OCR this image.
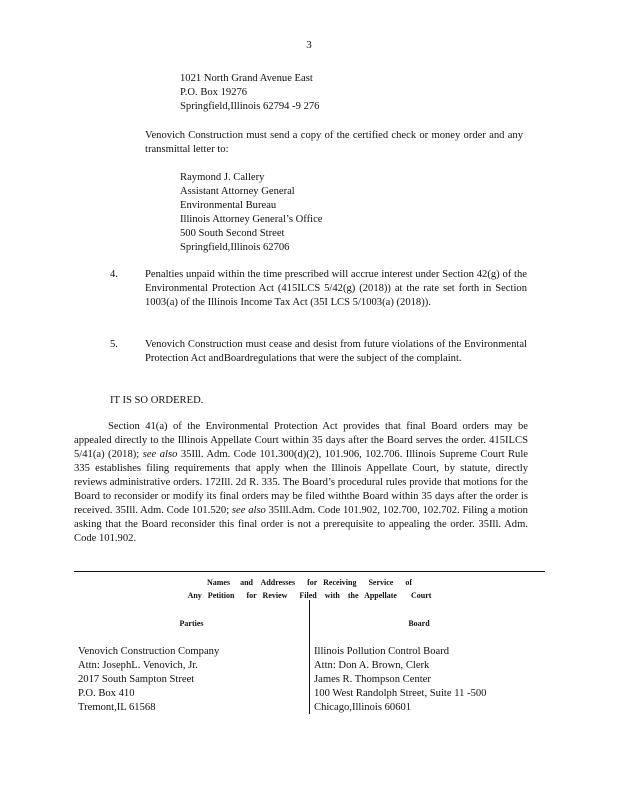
3
1021 North Grand Avenue East
P.O. Box 19276
Springfield,Illinois 62794 -9 276
Venovich Construction must send a copy of the certified check or money order and any transmittal letter to:
Raymond J. Callery
Assistant Attorney General
Environmental Bureau
Illinois Attorney General’s Office
500 South Second Street
Springfield,Illinois 62706
4.	Penalties unpaid within the time prescribed will accrue interest under Section 42(g) of the Environmental Protection Act (415ILCS 5/42(g) (2018)) at the rate set forth in Section 1003(a) of the Illinois Income Tax Act (35I LCS 5/1003(a) (2018)).
5.	Venovich Construction must cease and desist from future violations of the Environmental Protection Act andBoardregulations that were the subject of the complaint.
IT IS SO ORDERED.
Section 41(a) of the Environmental Protection Act provides that final Board orders may be appealed directly to the Illinois Appellate Court within 35 days after the Board serves the order. 415ILCS 5/41(a) (2018); see also 35Ill. Adm. Code 101.300(d)(2), 101.906, 102.706. Illinois Supreme Court Rule 335 establishes filing requirements that apply when the Illinois Appellate Court, by statute, directly reviews administrative orders. 172Ill. 2d R. 335. The Board’s procedural rules provide that motions for the Board to reconsider or modify its final orders may be filed withthe Board within 35 days after the order is received. 35Ill. Adm. Code 101.520; see also 35Ill.Adm. Code 101.902, 102.700, 102.702. Filing a motion asking that the Board reconsider this final order is not a prerequisite to appealing the order. 35Ill. Adm. Code 101.902.
Names     and    Addresses      for   Receiving      Service      of
Any   Petition      for   Review      Filed    with    the   Appellate       Court
Parties	Board
Venovich Construction Company
Attn: JosephL. Venovich, Jr.
2017 South Sampton Street
P.O. Box 410
Tremont,IL 61568
Illinois Pollution Control Board
Attn: Don A. Brown, Clerk
James R. Thompson Center
100 West Randolph Street, Suite 11 -500
Chicago,Illinois 60601
